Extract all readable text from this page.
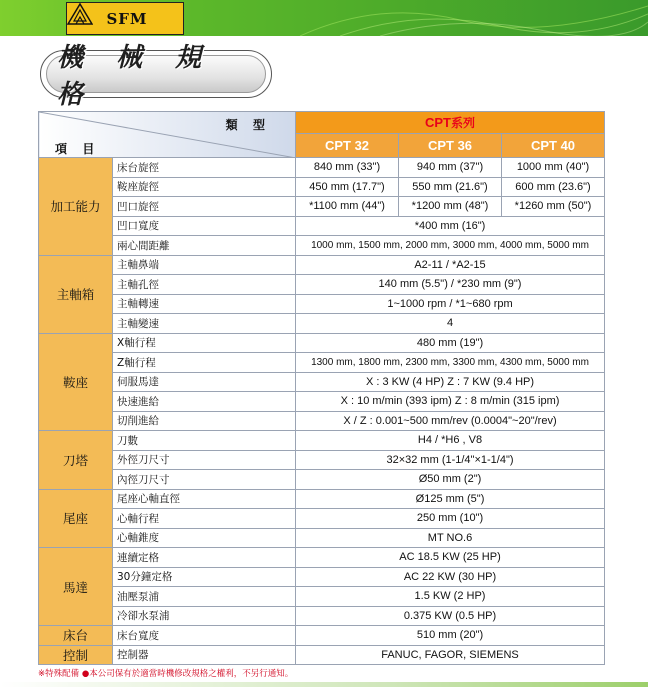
SFM
機 械 規 格
類 型
項 目		CPT系列		
		CPT 32	CPT 36	CPT 40
加工能力	床台旋徑	840 mm (33")	940 mm (37")	1000 mm (40")
	鞍座旋徑	450 mm (17.7")	550 mm (21.6")	600 mm (23.6")
	凹口旋徑	*1100 mm (44")	*1200 mm (48")	*1260 mm (50")
	凹口寬度	*400 mm (16")		
	兩心間距離	1000 mm, 1500 mm, 2000 mm, 3000 mm, 4000 mm, 5000 mm		
主軸箱	主軸鼻端	A2-11 / *A2-15		
	主軸孔徑	140 mm (5.5") / *230 mm (9")		
	主軸轉速	1~1000 rpm / *1~680 rpm		
	主軸變速	4		
鞍座	X軸行程	480 mm (19")		
	Z軸行程	1300 mm, 1800 mm, 2300 mm, 3300 mm, 4300 mm, 5000 mm		
	伺服馬達	X : 3 KW (4 HP) Z : 7 KW (9.4 HP)		
	快速進給	X : 10 m/min (393 ipm) Z : 8 m/min (315 ipm)		
	切削進給	X / Z : 0.001~500 mm/rev (0.0004"~20"/rev)		
刀塔	刀數	H4 / *H6 , V8		
	外徑刀尺寸	32×32 mm (1-1/4"×1-1/4")		
	內徑刀尺寸	Ø50 mm (2")		
尾座	尾座心軸直徑	Ø125 mm (5")		
	心軸行程	250 mm (10")		
	心軸錐度	MT NO.6		
馬達	連續定格	AC 18.5 KW (25 HP)		
	30分鐘定格	AC 22 KW (30 HP)		
	油壓泵浦	1.5 KW (2 HP)		
	冷卻水泵浦	0.375 KW (0.5 HP)		
床台	床台寬度	510 mm (20")		
控制	控制器	FANUC, FAGOR, SIEMENS		
※特殊配備 ●本公司保有於適當時機修改規格之權利，不另行通知。
